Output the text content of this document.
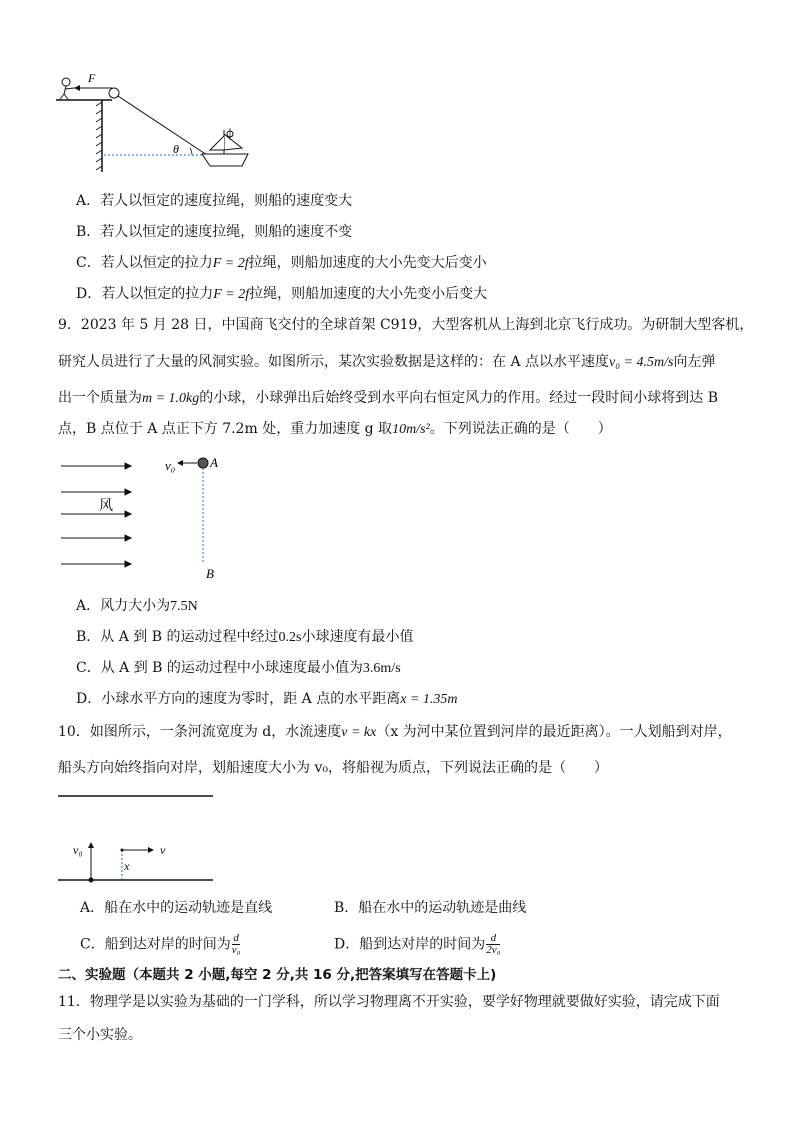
F
θ
A．若人以恒定的速度拉绳，则船的速度变大
B．若人以恒定的速度拉绳，则船的速度不变
C．若人以恒定的拉力F = 2f拉绳，则船加速度的大小先变大后变小
D．若人以恒定的拉力F = 2f拉绳，则船加速度的大小先变小后变大
9．2023 年 5 月 28 日，中国商飞交付的全球首架 C919，大型客机从上海到北京飞行成功。为研制大型客机，
研究人员进行了大量的风洞实验。如图所示，某次实验数据是这样的：在 A 点以水平速度v₀ = 4.5m/s向左弹
出一个质量为m = 1.0kg的小球，小球弹出后始终受到水平向右恒定风力的作用。经过一段时间小球将到达 B
点，B 点位于 A 点正下方 7.2m 处，重力加速度 g 取10m/s²。下列说法正确的是（　　）
风
v₀	A
B
A．风力大小为7.5N
B．从 A 到 B 的运动过程中经过0.2s小球速度有最小值
C．从 A 到 B 的运动过程中小球速度最小值为3.6m/s
D．小球水平方向的速度为零时，距 A 点的水平距离x = 1.35m
10．如图所示，一条河流宽度为 d，水流速度v = kx（x 为河中某位置到河岸的最近距离）。一人划船到对岸，
船头方向始终指向对岸，划船速度大小为 v₀，将船视为质点，下列说法正确的是（　　）
v₀	v
x
A．船在水中的运动轨迹是直线	B．船在水中的运动轨迹是曲线
C．船到达对岸的时间为 $\frac{d}{\text{v₀}}$	D．船到达对岸的时间为 $\frac{d}{\text{2v₀}}$
二、实验题（本题共 2 小题,每空 2 分,共 16 分,把答案填写在答题卡上)
11．物理学是以实验为基础的一门学科，所以学习物理离不开实验，要学好物理就要做好实验，请完成下面
三个小实验。
